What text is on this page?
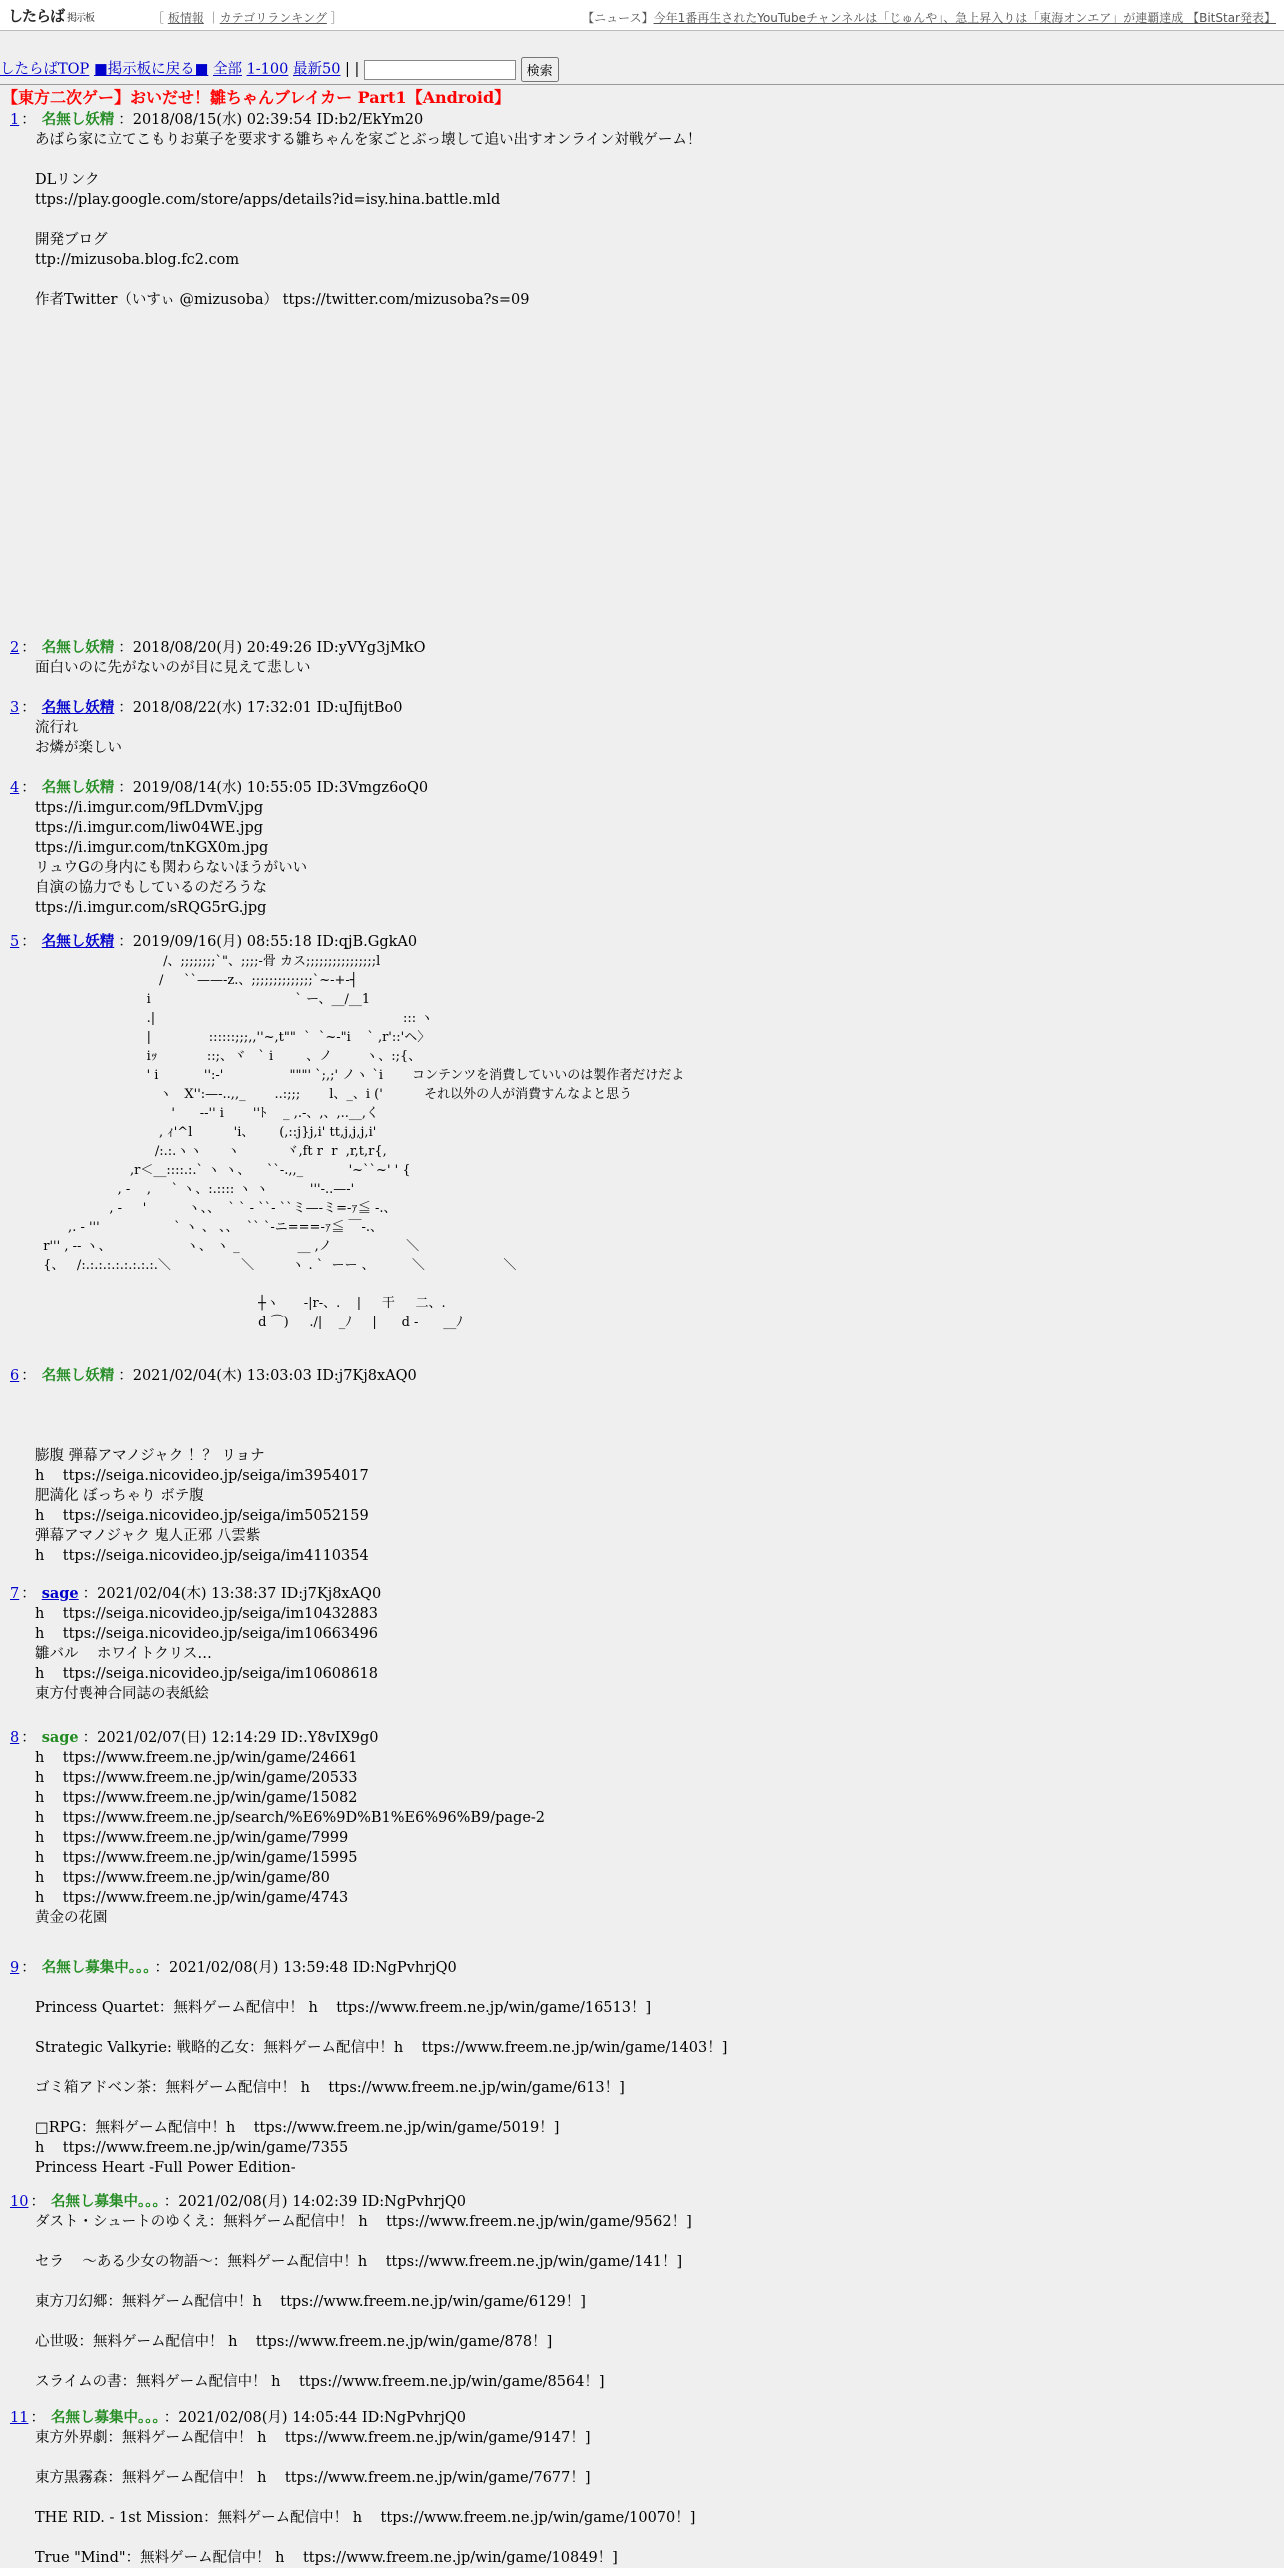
したらば 掲示板	［ 板情報 ｜カテゴリランキング ］	【ニュース】今年1番再生されたYouTubeチャンネルは「じゅんや」、急上昇入りは「東海オンエア」が連覇達成 【BitStar発表】
したらばTOP ■掲示板に戻る■ 全部 1-100 最新50 | |	検索
【東方二次ゲー】おいだせ！雛ちゃんブレイカー Part1【Android】
1 ： 名無し妖精 ：2018/08/15(水) 02:39:54 ID:b2/EkYm20
あばら家に立てこもりお菓子を要求する雛ちゃんを家ごとぶっ壊して追い出すオンライン対戦ゲーム！

DLリンク
ttps://play.google.com/store/apps/details?id=isy.hina.battle.mld

開発ブログ
ttp://mizusoba.blog.fc2.com

作者Twitter（いすぃ @mizusoba） ttps://twitter.com/mizusoba?s=09
2 ： 名無し妖精 ：2018/08/20(月) 20:49:26 ID:yVYg3jMkO
面白いのに先がないのが目に見えて悲しい
3 ： 名無し妖精 ：2018/08/22(水) 17:32:01 ID:uJfijtBo0
流行れ
お燐が楽しい
4 ： 名無し妖精 ：2019/08/14(水) 10:55:05 ID:3Vmgz6oQ0
ttps://i.imgur.com/9fLDvmV.jpg
ttps://i.imgur.com/liw04WE.jpg
ttps://i.imgur.com/tnKGX0m.jpg
リュウGの身内にも関わらないほうがいい
自演の協力でもしているのだろうな
ttps://i.imgur.com/sRQG5rG.jpg
5 ： 名無し妖精 ：2019/09/16(月) 08:55:18 ID:qjB.GgkA0
/、;;;;;;;;`"、;;;;-骨 カス;;;;;;;;;;;;;;;;l
/     ``——-z.、;;;;;;;;;;;;;;`~-+-┤
i                                   ` ー、__/__1
.|                                                            ::: ヽ
|              ::::::;;;,,''~,t""  `  `~-"i    ` ,r'::'ヘ〉
iｯ            ::;、ヾ   ` i        、ノ        ヽ、:;{、
' i           '':-'                """' `;,;' ノヽ `i       コンテンツを消費していいのは製作者だけだよ
ヽ   X'':—-..,,_       ..:;;;       l、_、i ('          それ以外の人が消費すんなよと思う
'      -‐'' i       ''ﾄ    _ ,.-、,、,..__,く
, ｨ'^l          'i、      (,::j}j,i' tt,j,j,j,i'
/:.:.ヽヽ      ヽ           ヾ,ft r  r  ,r,t,r{,
,r＜__::::.:.` ヽ ヽ、    ``-.,,_           '~``~' ' {
, -    ,     ` ヽ、:.:::: ヽ ヽ          '''-..—-'
, -     '          ヽ、、  ` ` - ``- ``ミ—-ミ=-ｧ≦ -.、
,. - '''                  ` ヽ 、 、、  `` `-ニ===-ｧ≦ ￣-.、
r''' , -- ヽ、                  ヽ、 ヽ _              __ ,ノ                  ＼
{、   /:.:.:.:.:.:.:.:.:.＼                 ＼         ヽ . `  ーー 、         ＼                   ＼

┼ヽ      -|r-、.    |     干     二、.
d ⌒)     ./|    _ﾉ     |      d -      __ﾉ
6 ： 名無し妖精 ：2021/02/04(木) 13:03:03 ID:j7Kj8xAQ0

膨腹 弾幕アマノジャク ！？ リョナ
h    ttps://seiga.nicovideo.jp/seiga/im3954017
肥満化 ぼっちゃり ボテ腹
h    ttps://seiga.nicovideo.jp/seiga/im5052159
弾幕アマノジャク 鬼人正邪 八雲紫
h    ttps://seiga.nicovideo.jp/seiga/im4110354
7 ： sage ：2021/02/04(木) 13:38:37 ID:j7Kj8xAQ0
h    ttps://seiga.nicovideo.jp/seiga/im10432883
h    ttps://seiga.nicovideo.jp/seiga/im10663496
雛バル    ホワイトクリス…
h    ttps://seiga.nicovideo.jp/seiga/im10608618
東方付喪神合同誌の表紙絵
8 ： sage ：2021/02/07(日) 12:14:29 ID:.Y8vIX9g0
h    ttps://www.freem.ne.jp/win/game/24661
h    ttps://www.freem.ne.jp/win/game/20533
h    ttps://www.freem.ne.jp/win/game/15082
h    ttps://www.freem.ne.jp/search/%E6%9D%B1%E6%96%B9/page-2
h    ttps://www.freem.ne.jp/win/game/7999
h    ttps://www.freem.ne.jp/win/game/15995
h    ttps://www.freem.ne.jp/win/game/80
h    ttps://www.freem.ne.jp/win/game/4743
黄金の花園
9 ： 名無し募集中。。。 ：2021/02/08(月) 13:59:48 ID:NgPvhrjQ0

Princess Quartet：無料ゲーム配信中！ h    ttps://www.freem.ne.jp/win/game/16513！]

Strategic Valkyrie: 戦略的乙女：無料ゲーム配信中！h    ttps://www.freem.ne.jp/win/game/1403！]

ゴミ箱アドベン茶：無料ゲーム配信中！ h    ttps://www.freem.ne.jp/win/game/613！]

□RPG：無料ゲーム配信中！h    ttps://www.freem.ne.jp/win/game/5019！]
h    ttps://www.freem.ne.jp/win/game/7355
Princess Heart -Full Power Edition-
10 ： 名無し募集中。。。 ：2021/02/08(月) 14:02:39 ID:NgPvhrjQ0
ダスト・シュートのゆくえ：無料ゲーム配信中！ h    ttps://www.freem.ne.jp/win/game/9562！]

セラ    ～ある少女の物語～：無料ゲーム配信中！h    ttps://www.freem.ne.jp/win/game/141！]

東方刀幻郷：無料ゲーム配信中！h    ttps://www.freem.ne.jp/win/game/6129！]

心世吸：無料ゲーム配信中！ h    ttps://www.freem.ne.jp/win/game/878！]

スライムの書：無料ゲーム配信中！ h    ttps://www.freem.ne.jp/win/game/8564！]
11 ： 名無し募集中。。。 ：2021/02/08(月) 14:05:44 ID:NgPvhrjQ0
東方外界劇：無料ゲーム配信中！ h    ttps://www.freem.ne.jp/win/game/9147！]

東方黒霧森：無料ゲーム配信中！ h    ttps://www.freem.ne.jp/win/game/7677！]

THE RID. - 1st Mission：無料ゲーム配信中！ h    ttps://www.freem.ne.jp/win/game/10070！]

True "Mind"：無料ゲーム配信中！ h    ttps://www.freem.ne.jp/win/game/10849！]
